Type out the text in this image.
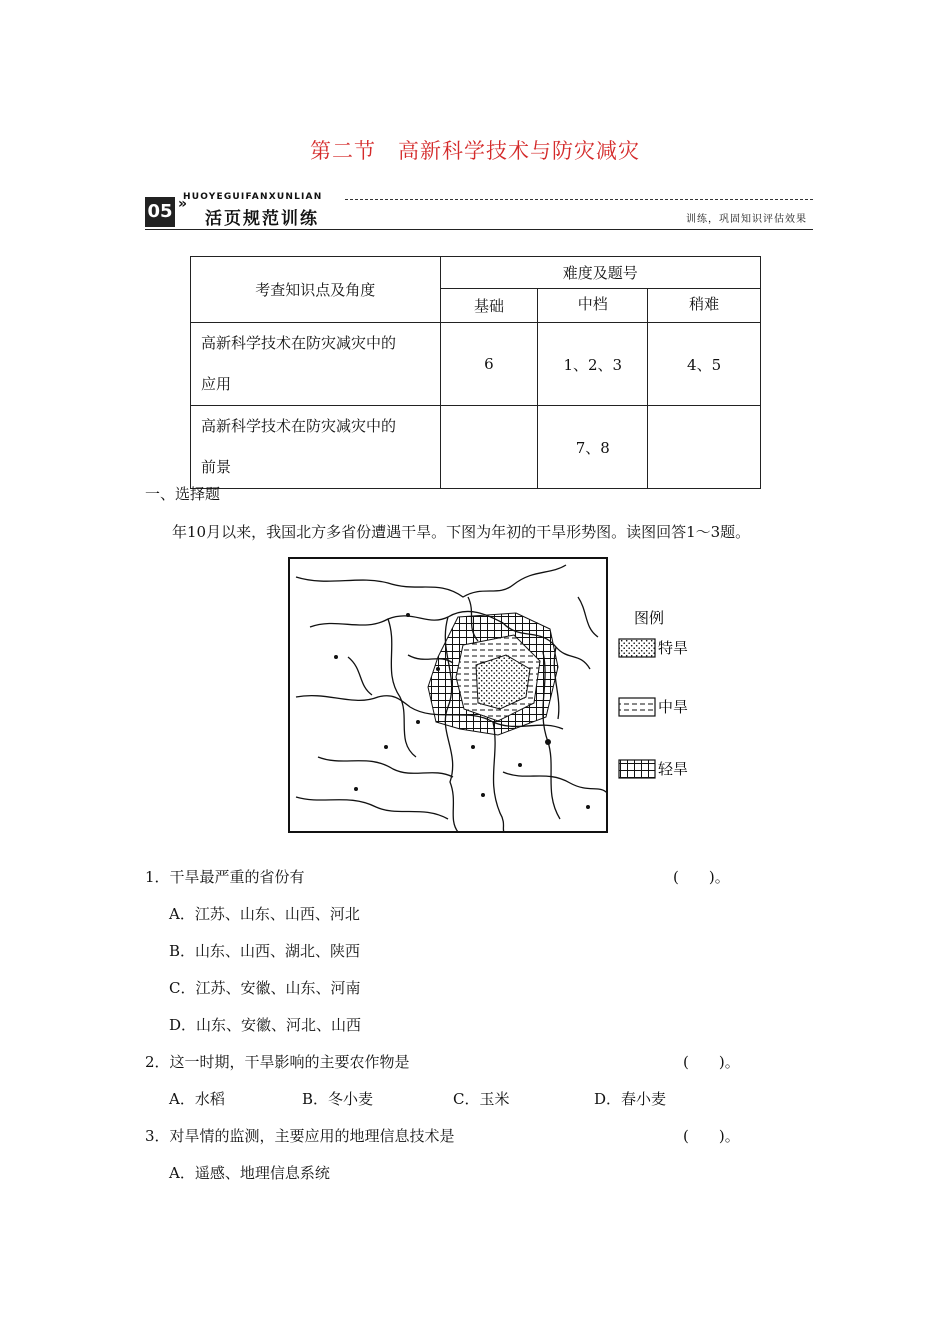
第二节　高新科学技术与防灾减灾
05 »
HUOYEGUIFANXUNLIAN
活页规范训练	训练，巩固知识评估效果
考查知识点及角度	难度及题号		
	基础	中档	稍难

高新科学技术在防灾减灾中的
应用	6	1、2、3	4、5

高新科学技术在防灾减灾中的
前景		7、8	
一、选择题
年10月以来，我国北方多省份遭遇干旱。下图为年初的干旱形势图。读图回答1～3题。
图例
特旱
中旱
轻旱
1．干旱最严重的省份有	(　　)。
A．江苏、山东、山西、河北
B．山东、山西、湖北、陕西
C．江苏、安徽、山东、河南
D．山东、安徽、河北、山西
2．这一时期，干旱影响的主要农作物是	(　　)。
A．水稻	B．冬小麦	C．玉米	D．春小麦
3．对旱情的监测，主要应用的地理信息技术是	(　　)。
A．遥感、地理信息系统
